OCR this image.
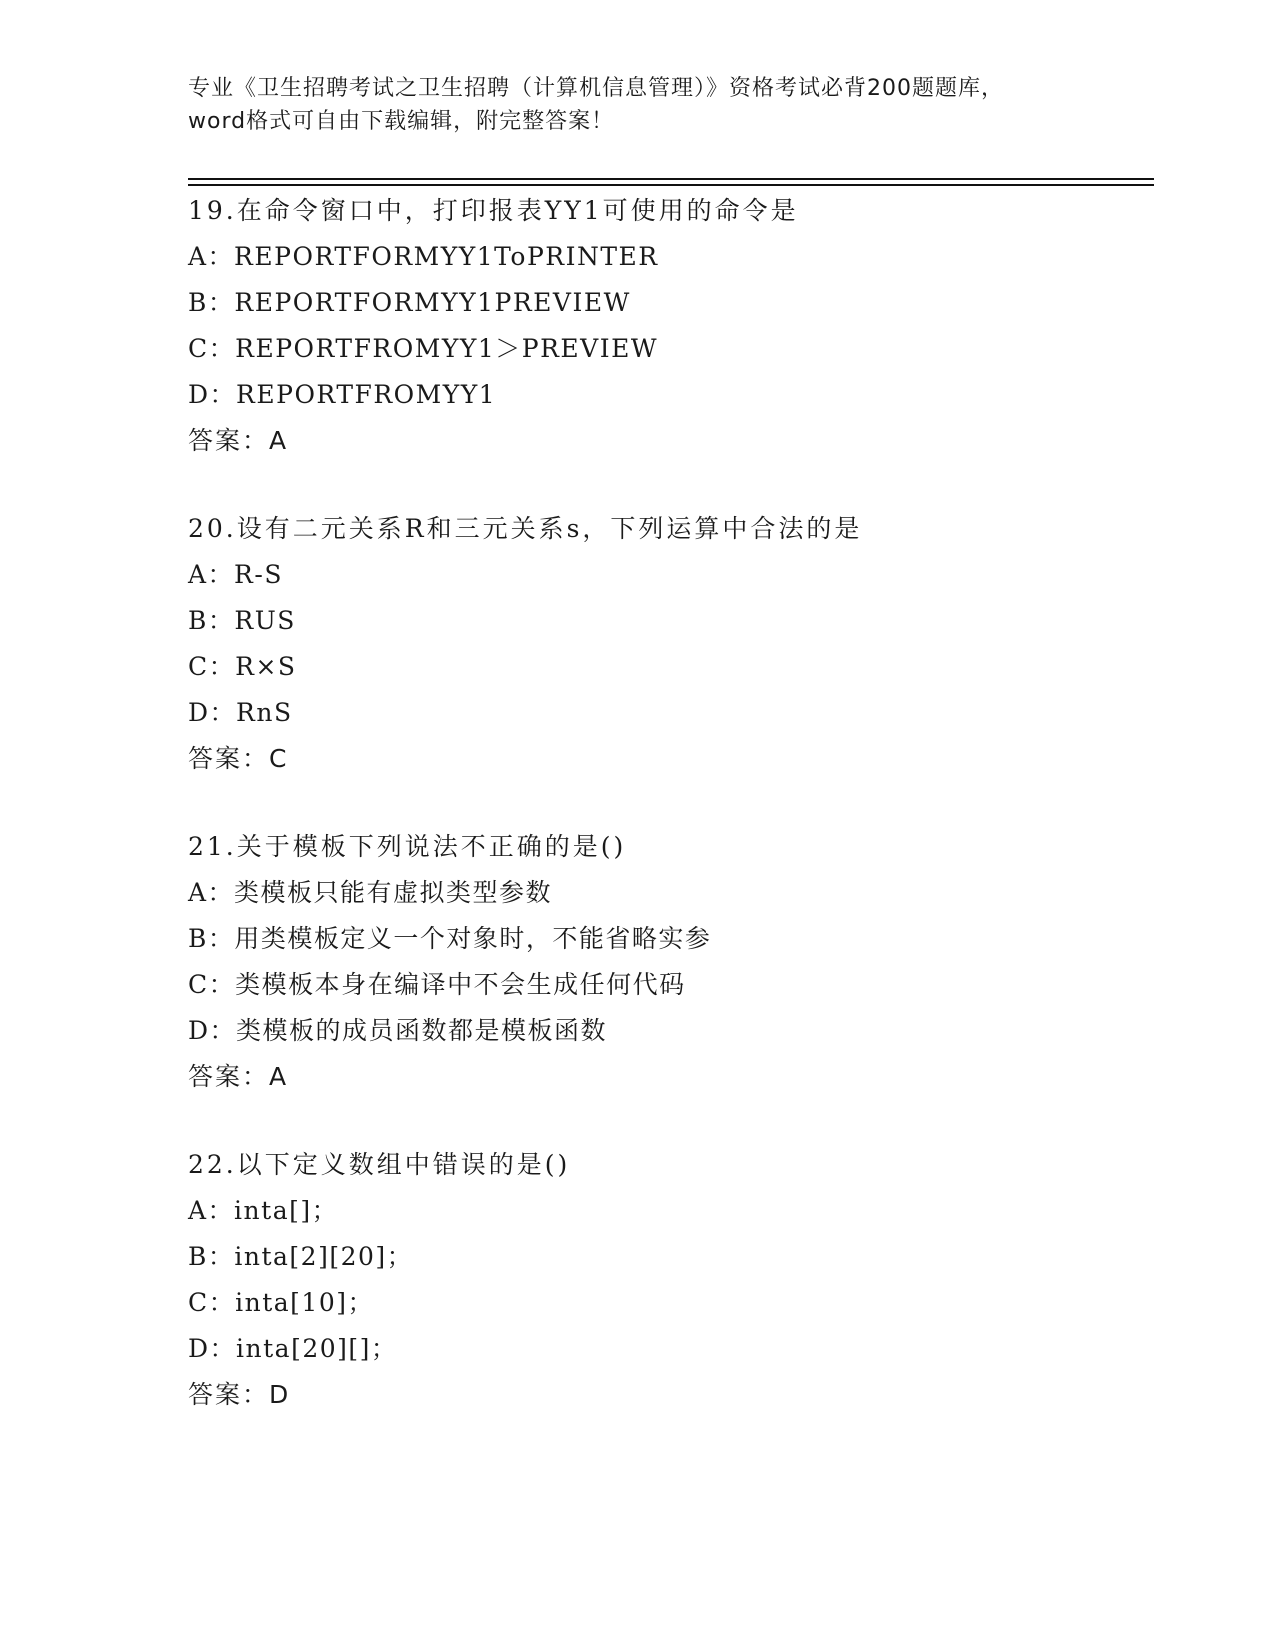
专业《卫生招聘考试之卫生招聘（计算机信息管理）》资格考试必背200题题库，
word格式可自由下载编辑，附完整答案！
19.在命令窗口中，打印报表YY1可使用的命令是
A：REPORTFORMYY1ToPRINTER
B：REPORTFORMYY1PREVIEW
C：REPORTFROMYY1＞PREVIEW
D：REPORTFROMYY1
答案：A
20.设有二元关系R和三元关系s，下列运算中合法的是
A：R-S
B：RUS
C：R×S
D：RnS
答案：C
21.关于模板下列说法不正确的是()
A：类模板只能有虚拟类型参数
B：用类模板定义一个对象时，不能省略实参
C：类模板本身在编译中不会生成任何代码
D：类模板的成员函数都是模板函数
答案：A
22.以下定义数组中错误的是()
A：inta[]；
B：inta[2][20]；
C：inta[10]；
D：inta[20][]；
答案：D
